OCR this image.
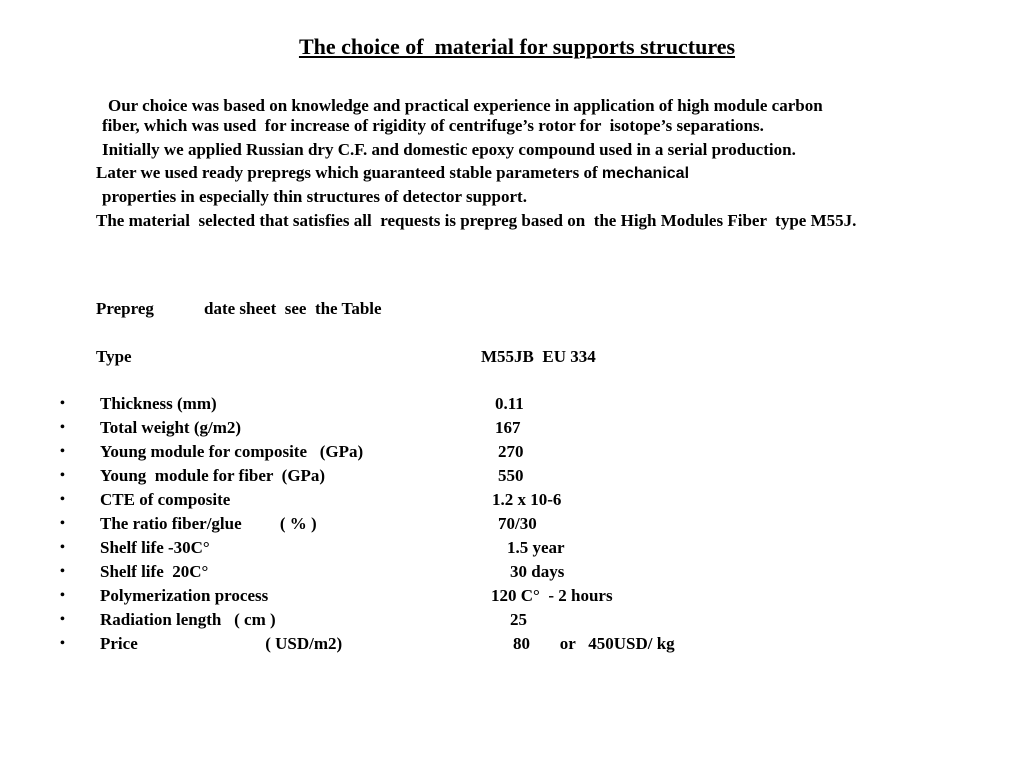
The choice of  material for supports structures
Our choice was based on knowledge and practical experience in application of high module carbon
fiber, which was used  for increase of rigidity of centrifuge’s rotor for  isotope’s separations.
Initially we applied Russian dry C.F. and domestic epoxy compound used in a serial production.
Later we used ready prepregs which guaranteed stable parameters of mechanical
properties in especially thin structures of detector support.
The material  selected that satisfies all  requests is prepreg based on  the High Modules Fiber  type M55J.
Prepreg	date sheet  see  the Table
Type	M55JB  EU 334
• Thickness (mm)	0.11
• Total weight (g/m2)	167
• Young module for composite   (GPa)	270
• Young  module for fiber  (GPa)	550
• CTE of composite	1.2 x 10-6
• The ratio fiber/glue         ( % )	70/30
• Shelf life -30C°	1.5 year
• Shelf life  20C°	30 days
• Polymerization process	120 C°  - 2 hours
• Radiation length   ( cm )	25
• Price                              ( USD/m2)	80       or   450USD/ kg
